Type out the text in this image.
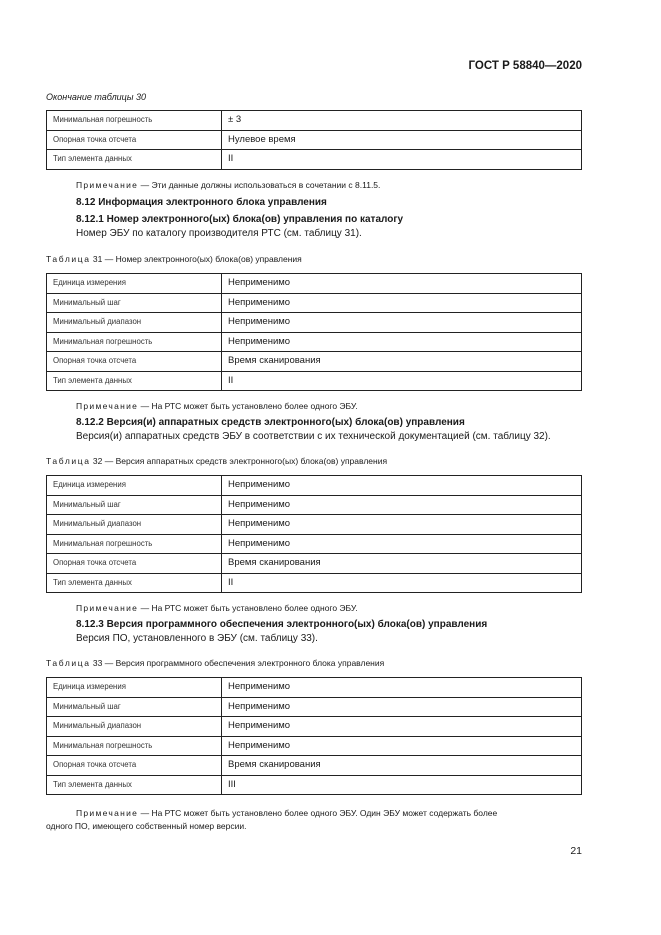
ГОСТ Р 58840—2020
Окончание таблицы 30
Минимальная погрешность	± 3
Опорная точка отсчета	Нулевое время
Тип элемента данных	II
Примечание — Эти данные должны использоваться в сочетании с 8.11.5.
8.12 Информация электронного блока управления
8.12.1 Номер электронного(ых) блока(ов) управления по каталогу
Номер ЭБУ по каталогу производителя РТС (см. таблицу 31).
Таблица 31 — Номер электронного(ых) блока(ов) управления
Единица измерения	Неприменимо
Минимальный шаг	Неприменимо
Минимальный диапазон	Неприменимо
Минимальная погрешность	Неприменимо
Опорная точка отсчета	Время сканирования
Тип элемента данных	II
Примечание — На РТС может быть установлено более одного ЭБУ.
8.12.2 Версия(и) аппаратных средств электронного(ых) блока(ов) управления
Версия(и) аппаратных средств ЭБУ в соответствии с их технической документацией (см. таблицу 32).
Таблица 32 — Версия аппаратных средств электронного(ых) блока(ов) управления
Единица измерения	Неприменимо
Минимальный шаг	Неприменимо
Минимальный диапазон	Неприменимо
Минимальная погрешность	Неприменимо
Опорная точка отсчета	Время сканирования
Тип элемента данных	II
Примечание — На РТС может быть установлено более одного ЭБУ.
8.12.3 Версия программного обеспечения электронного(ых) блока(ов) управления
Версия ПО, установленного в ЭБУ (см. таблицу 33).
Таблица 33 — Версия программного обеспечения электронного блока управления
Единица измерения	Неприменимо
Минимальный шаг	Неприменимо
Минимальный диапазон	Неприменимо
Минимальная погрешность	Неприменимо
Опорная точка отсчета	Время сканирования
Тип элемента данных	III
Примечание — На РТС может быть установлено более одного ЭБУ. Один ЭБУ может содержать более
одного ПО, имеющего собственный номер версии.
21
